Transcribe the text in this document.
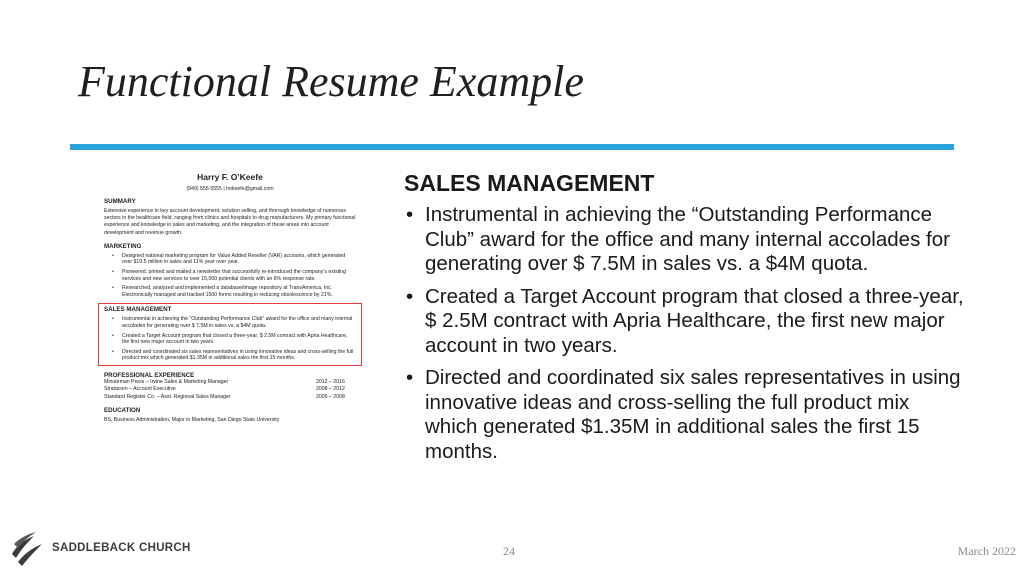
Functional Resume Example
Harry F. O’Keefe
(949) 555-5555 | hokeefe@gmail.com
SUMMARY
Extensive experience in key account development, solution selling, and thorough knowledge of numerous sectors in the healthcare field, ranging from clinics and hospitals to drug manufacturers. My primary functional experience and knowledge in sales and marketing, and the integration of these areas into account development and revenue growth.
MARKETING
• Designed national marketing program for Value Added Reseller (VAR) accounts, which generated over $19.5 million in sales and 11% year over year.
• Pioneered, printed and mailed a newsletter that successfully re-introduced the company’s existing services and new services to over 15,000 potential clients with an 6% response rate.
• Researched, analyzed and implemented a database/image repository at TransAmerica, Inc. Electronically managed and tracked 1500 forms resulting in reducing obsolescence by 21%.
SALES MANAGEMENT
• Instrumental in achieving the “Outstanding Performance Club” award for the office and many internal accolades for generating over $ 7.5M in sales vs. a $4M quota.
• Created a Target Account program that closed a three-year, $ 2.5M contract with Apria Healthcare, the first new major account in two years.
• Directed and coordinated six sales representatives in using innovative ideas and cross-selling the full product mix which generated $1.35M in additional sales the first 15 months.
PROFESSIONAL EXPERIENCE
Minuteman Press – Irvine Sales & Marketing Manager	2012 – 2016
Stratacom – Account Executive	2008 – 2012
Standard Register Co. – Asst. Regional Sales Manager	2005 – 2008
EDUCATION
BS, Business Administration, Major in Marketing, San Diego State University
SALES MANAGEMENT
• Instrumental in achieving the “Outstanding Performance Club” award for the office and many internal accolades for generating over $ 7.5M in sales vs. a $4M quota.
• Created a Target Account program that closed a three-year, $ 2.5M contract with Apria Healthcare, the first new major account in two years.
• Directed and coordinated six sales representatives in using innovative ideas and cross-selling the full product mix which generated $1.35M in additional sales the first 15 months.
SADDLEBACK CHURCH	24	March 2022
